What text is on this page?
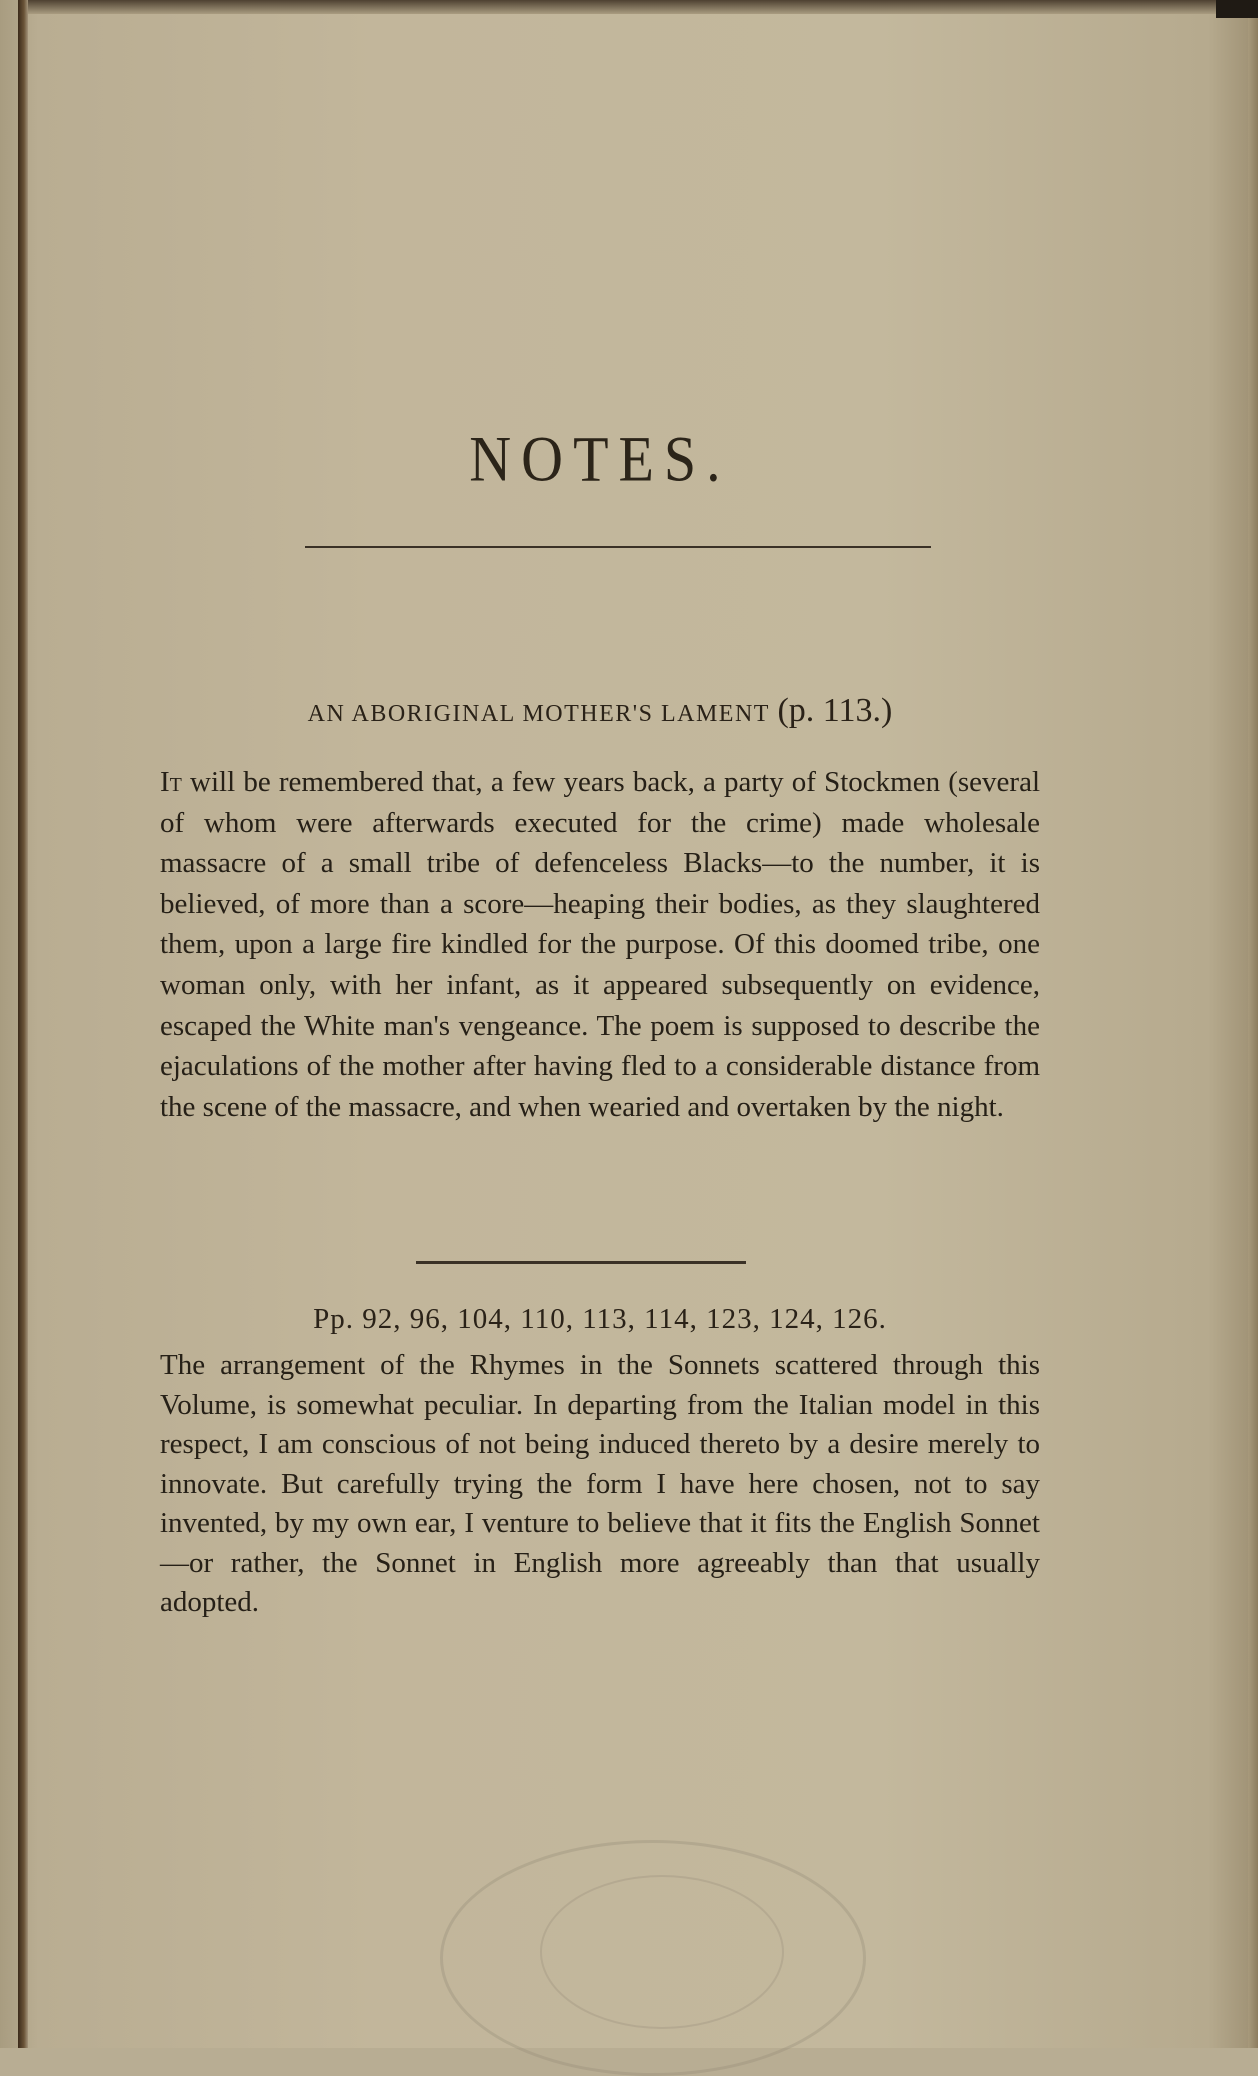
NOTES.
AN ABORIGINAL MOTHER'S LAMENT (p. 113.)
It will be remembered that, a few years back, a party of Stockmen (several of whom were afterwards executed for the crime) made wholesale massacre of a small tribe of defenceless Blacks—to the number, it is believed, of more than a score—heaping their bodies, as they slaughtered them, upon a large fire kindled for the purpose. Of this doomed tribe, one woman only, with her infant, as it appeared subsequently on evidence, escaped the White man's vengeance. The poem is supposed to describe the ejaculations of the mother after having fled to a considerable distance from the scene of the massacre, and when wearied and overtaken by the night.
Pp. 92, 96, 104, 110, 113, 114, 123, 124, 126.
The arrangement of the Rhymes in the Sonnets scattered through this Volume, is somewhat peculiar. In departing from the Italian model in this respect, I am conscious of not being induced thereto by a desire merely to innovate. But carefully trying the form I have here chosen, not to say invented, by my own ear, I venture to believe that it fits the English Sonnet—or rather, the Sonnet in English more agreeably than that usually adopted.
